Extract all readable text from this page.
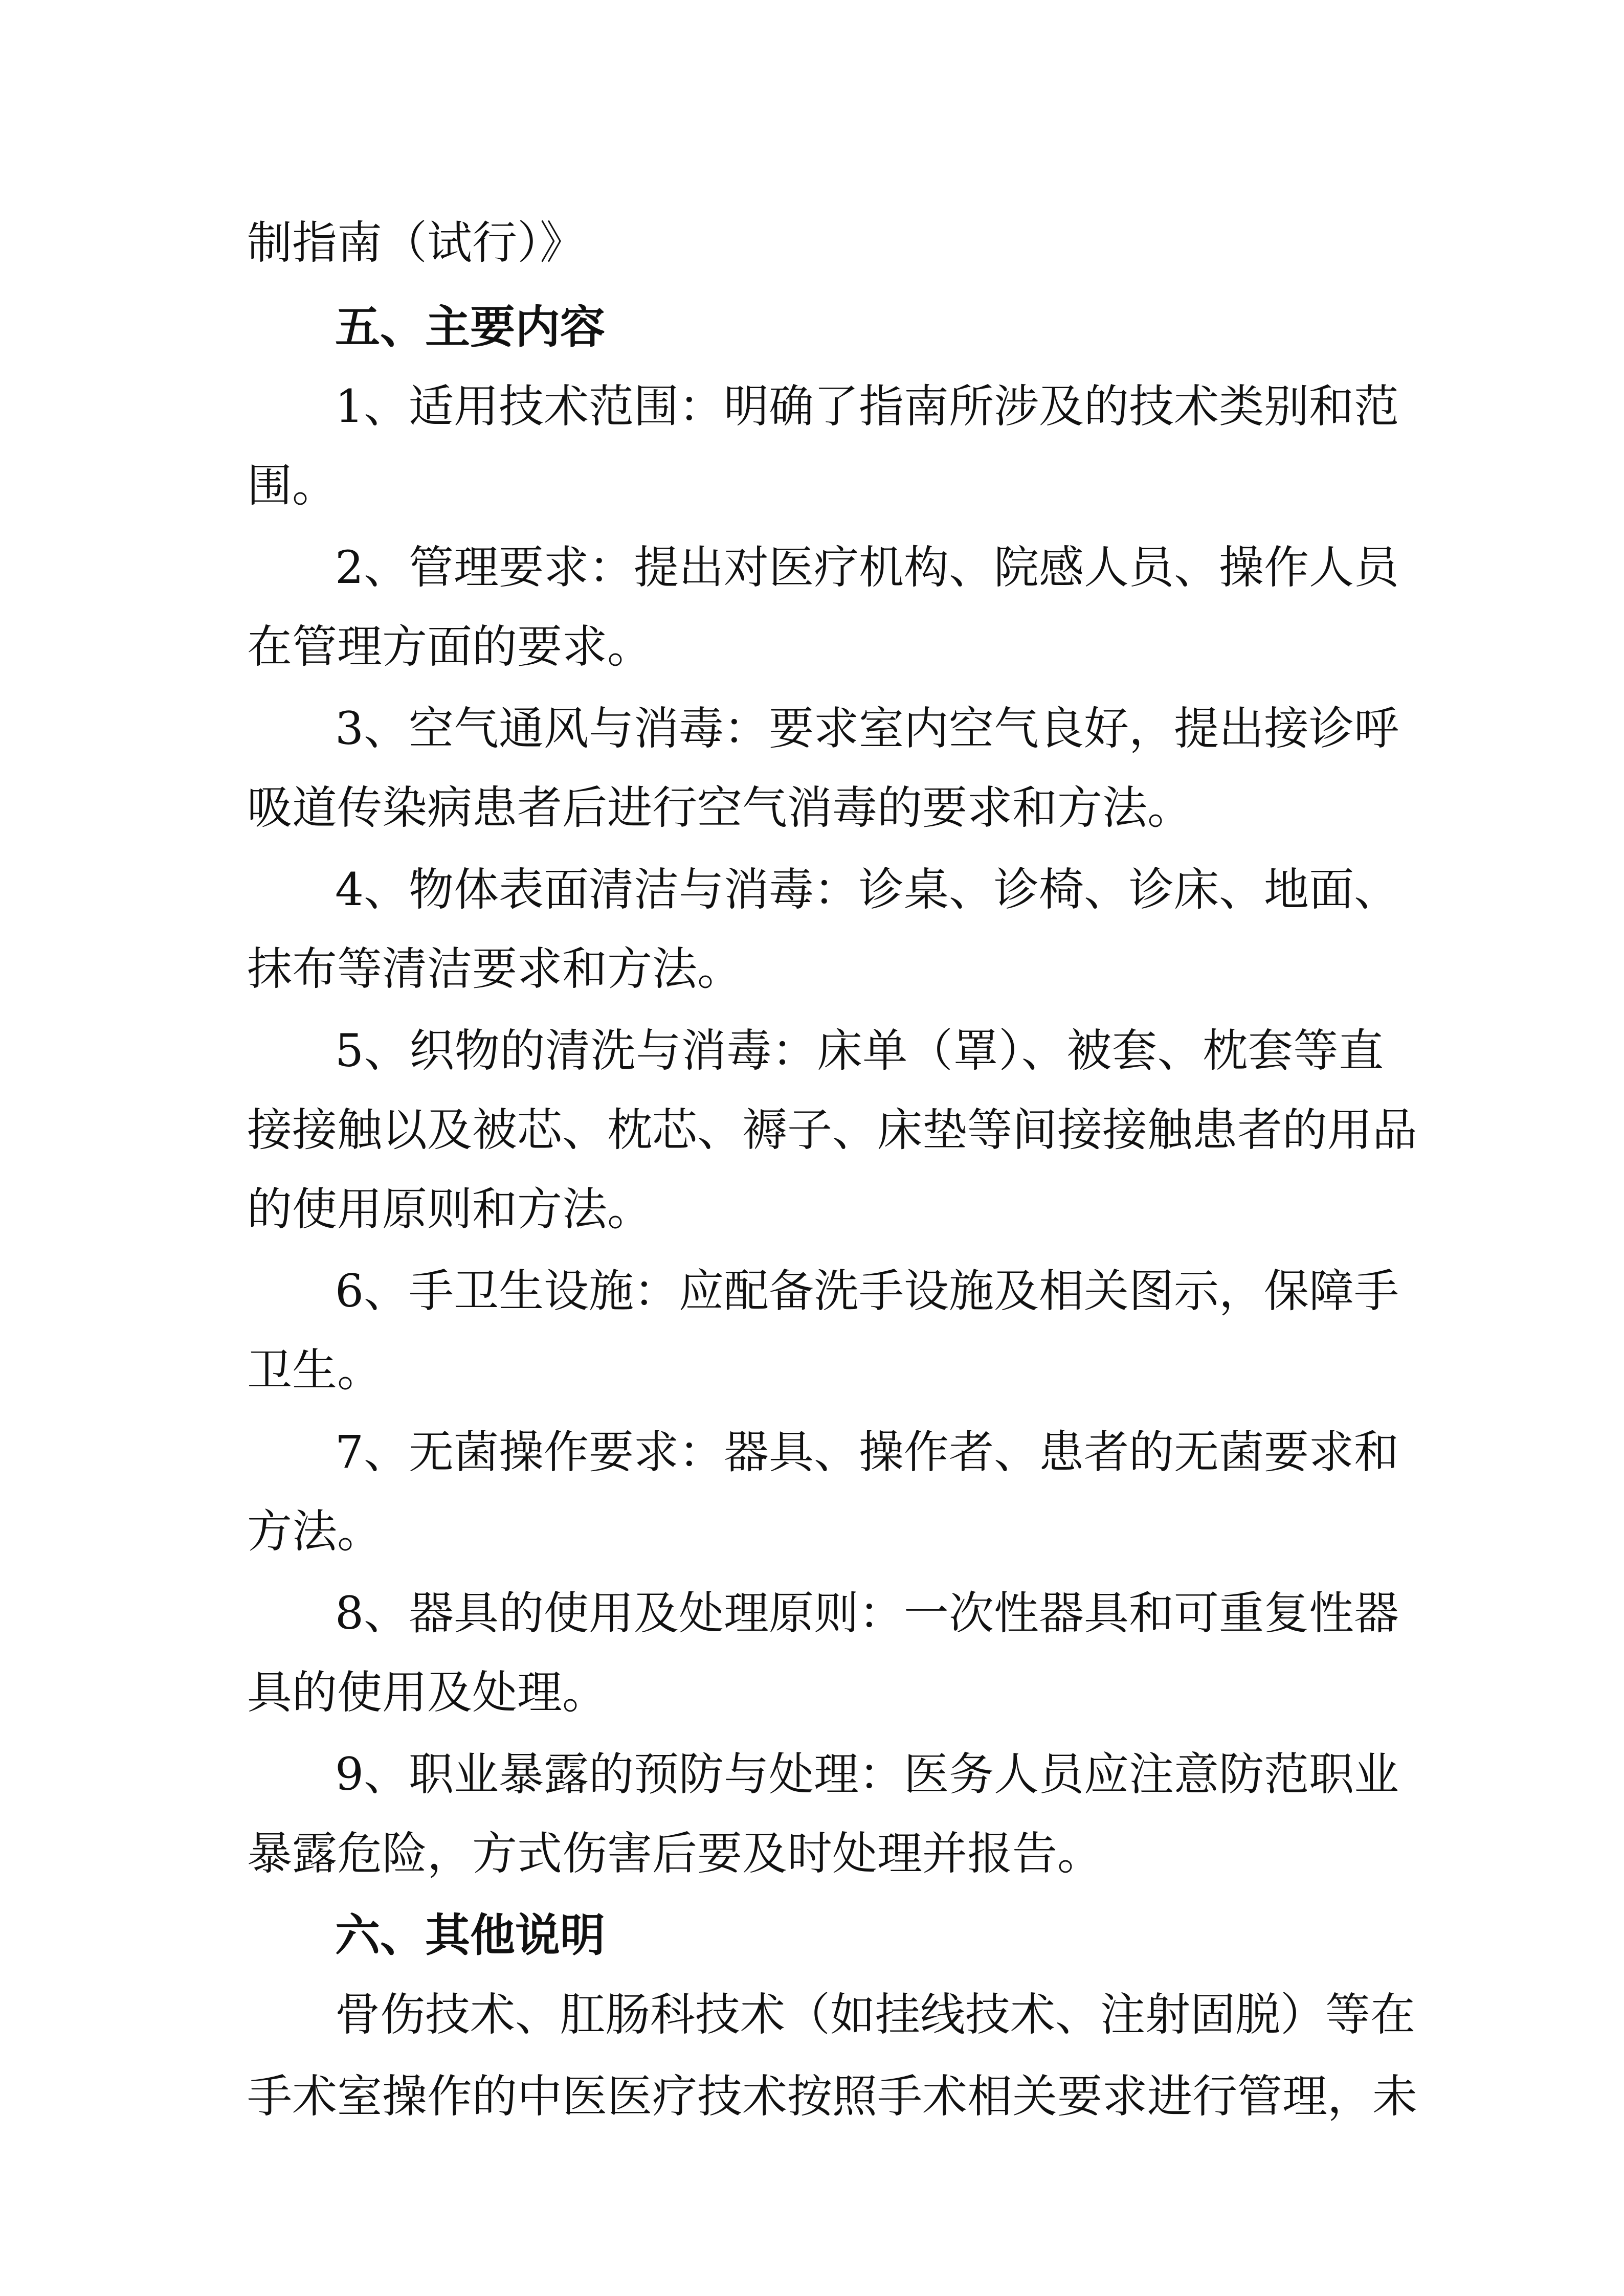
制指南（试行）》

五、主要内容

1、适用技术范围：明确了指南所涉及的技术类别和范

围。

2、管理要求：提出对医疗机构、院感人员、操作人员

在管理方面的要求。

3、空气通风与消毒：要求室内空气良好，提出接诊呼

吸道传染病患者后进行空气消毒的要求和方法。

4、物体表面清洁与消毒：诊桌、诊椅、诊床、地面、

抹布等清洁要求和方法。

5、织物的清洗与消毒：床单（罩）、被套、枕套等直

接接触以及被芯、枕芯、褥子、床垫等间接接触患者的用品

的使用原则和方法。

6、手卫生设施：应配备洗手设施及相关图示，保障手

卫生。

7、无菌操作要求：器具、操作者、患者的无菌要求和

方法。

8、器具的使用及处理原则：一次性器具和可重复性器

具的使用及处理。

9、职业暴露的预防与处理：医务人员应注意防范职业

暴露危险，方式伤害后要及时处理并报告。

六、其他说明

骨伤技术、肛肠科技术（如挂线技术、注射固脱）等在

手术室操作的中医医疗技术按照手术相关要求进行管理，未
